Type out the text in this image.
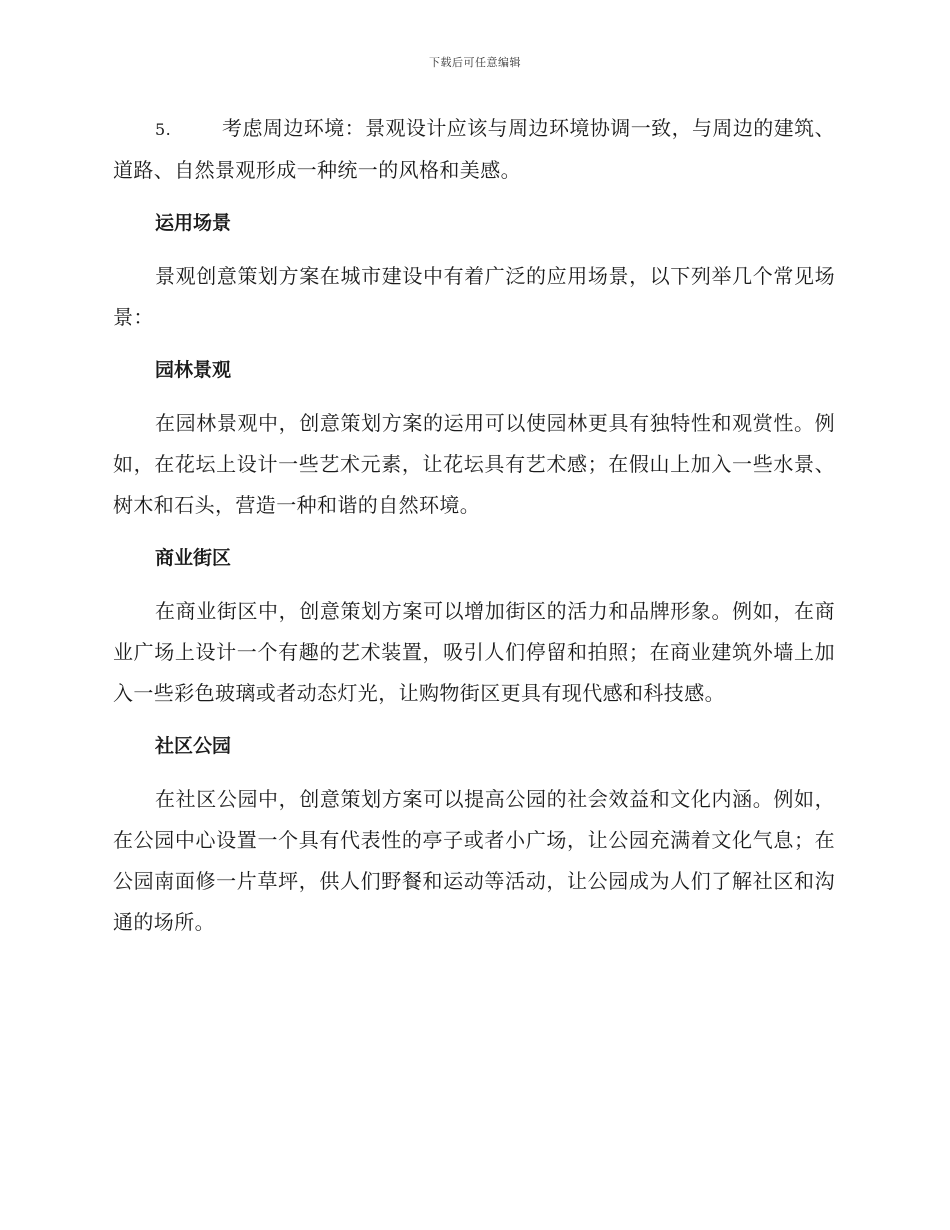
下载后可任意编辑

5.	考虑周边环境：景观设计应该与周边环境协调一致，与周边的建筑、道路、自然景观形成一种统一的风格和美感。

运用场景

景观创意策划方案在城市建设中有着广泛的应用场景，以下列举几个常见场景：

园林景观

在园林景观中，创意策划方案的运用可以使园林更具有独特性和观赏性。例如，在花坛上设计一些艺术元素，让花坛具有艺术感；在假山上加入一些水景、树木和石头，营造一种和谐的自然环境。

商业街区

在商业街区中，创意策划方案可以增加街区的活力和品牌形象。例如，在商业广场上设计一个有趣的艺术装置，吸引人们停留和拍照；在商业建筑外墙上加入一些彩色玻璃或者动态灯光，让购物街区更具有现代感和科技感。

社区公园

在社区公园中，创意策划方案可以提高公园的社会效益和文化内涵。例如，在公园中心设置一个具有代表性的亭子或者小广场，让公园充满着文化气息；在公园南面修一片草坪，供人们野餐和运动等活动，让公园成为人们了解社区和沟通的场所。
